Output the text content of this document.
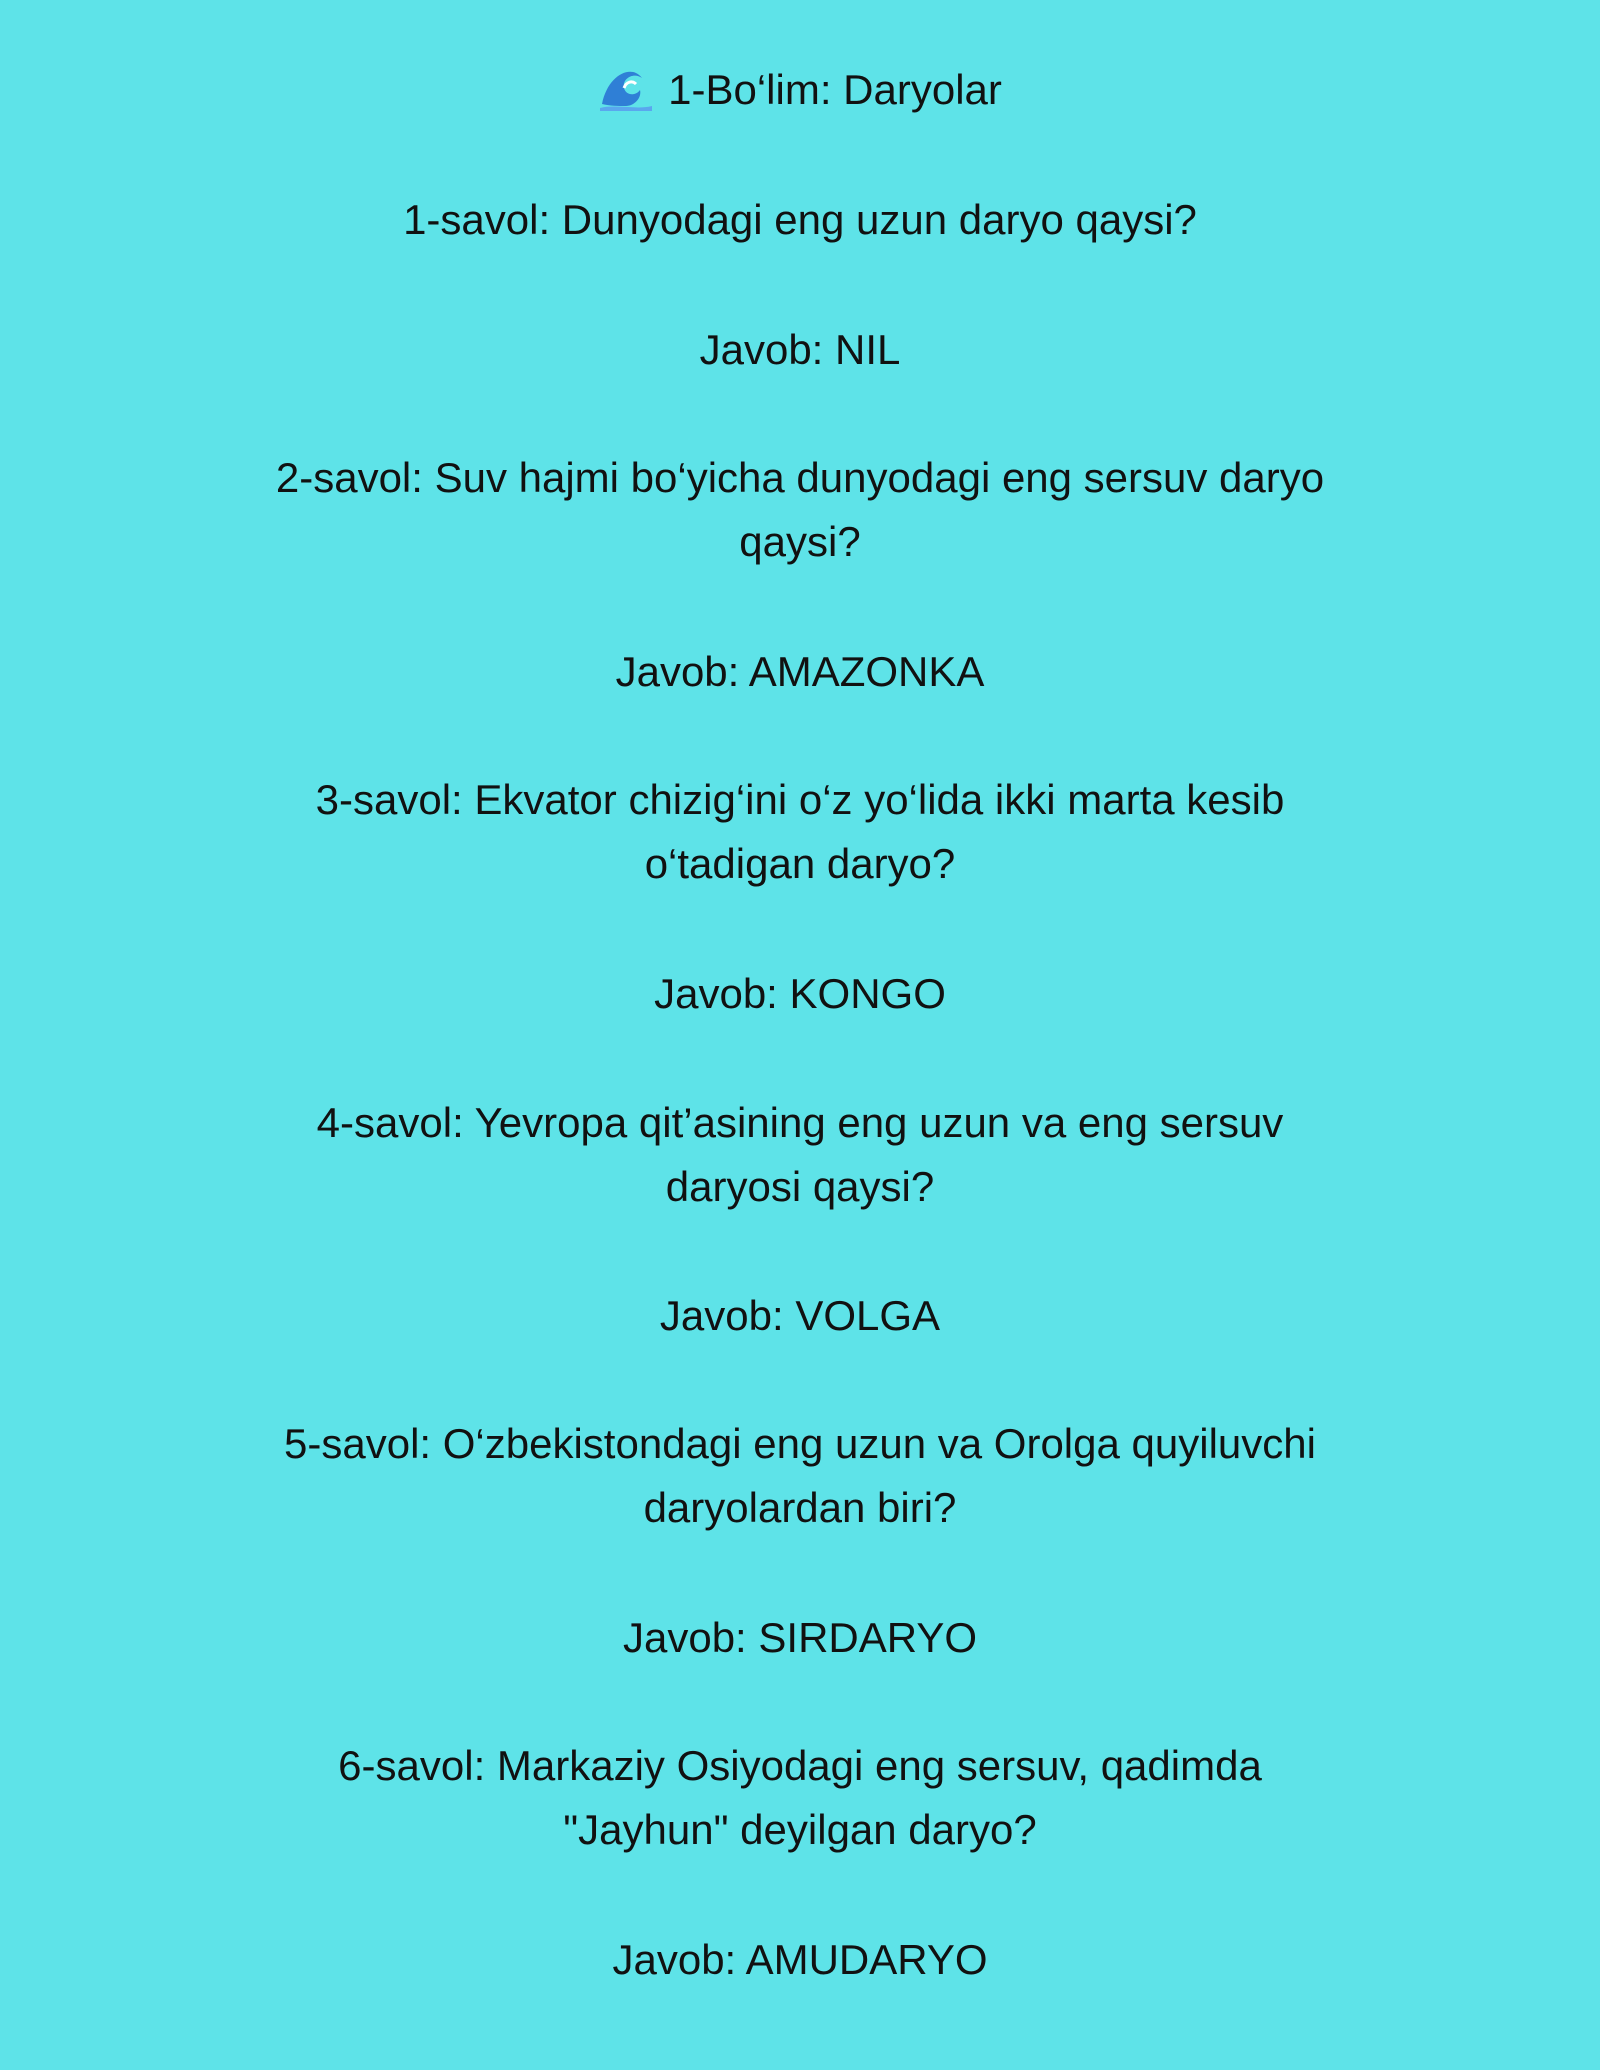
1-Bo‘lim: Daryolar

1-savol: Dunyodagi eng uzun daryo qaysi?

Javob: NIL

2-savol: Suv hajmi bo‘yicha dunyodagi eng sersuv daryo

qaysi?

Javob: AMAZONKA

3-savol: Ekvator chizig‘ini o‘z yo‘lida ikki marta kesib

o‘tadigan daryo?

Javob: KONGO

4-savol: Yevropa qit’asining eng uzun va eng sersuv

daryosi qaysi?

Javob: VOLGA

5-savol: O‘zbekistondagi eng uzun va Orolga quyiluvchi

daryolardan biri?

Javob: SIRDARYO

6-savol: Markaziy Osiyodagi eng sersuv, qadimda

"Jayhun" deyilgan daryo?

Javob: AMUDARYO
